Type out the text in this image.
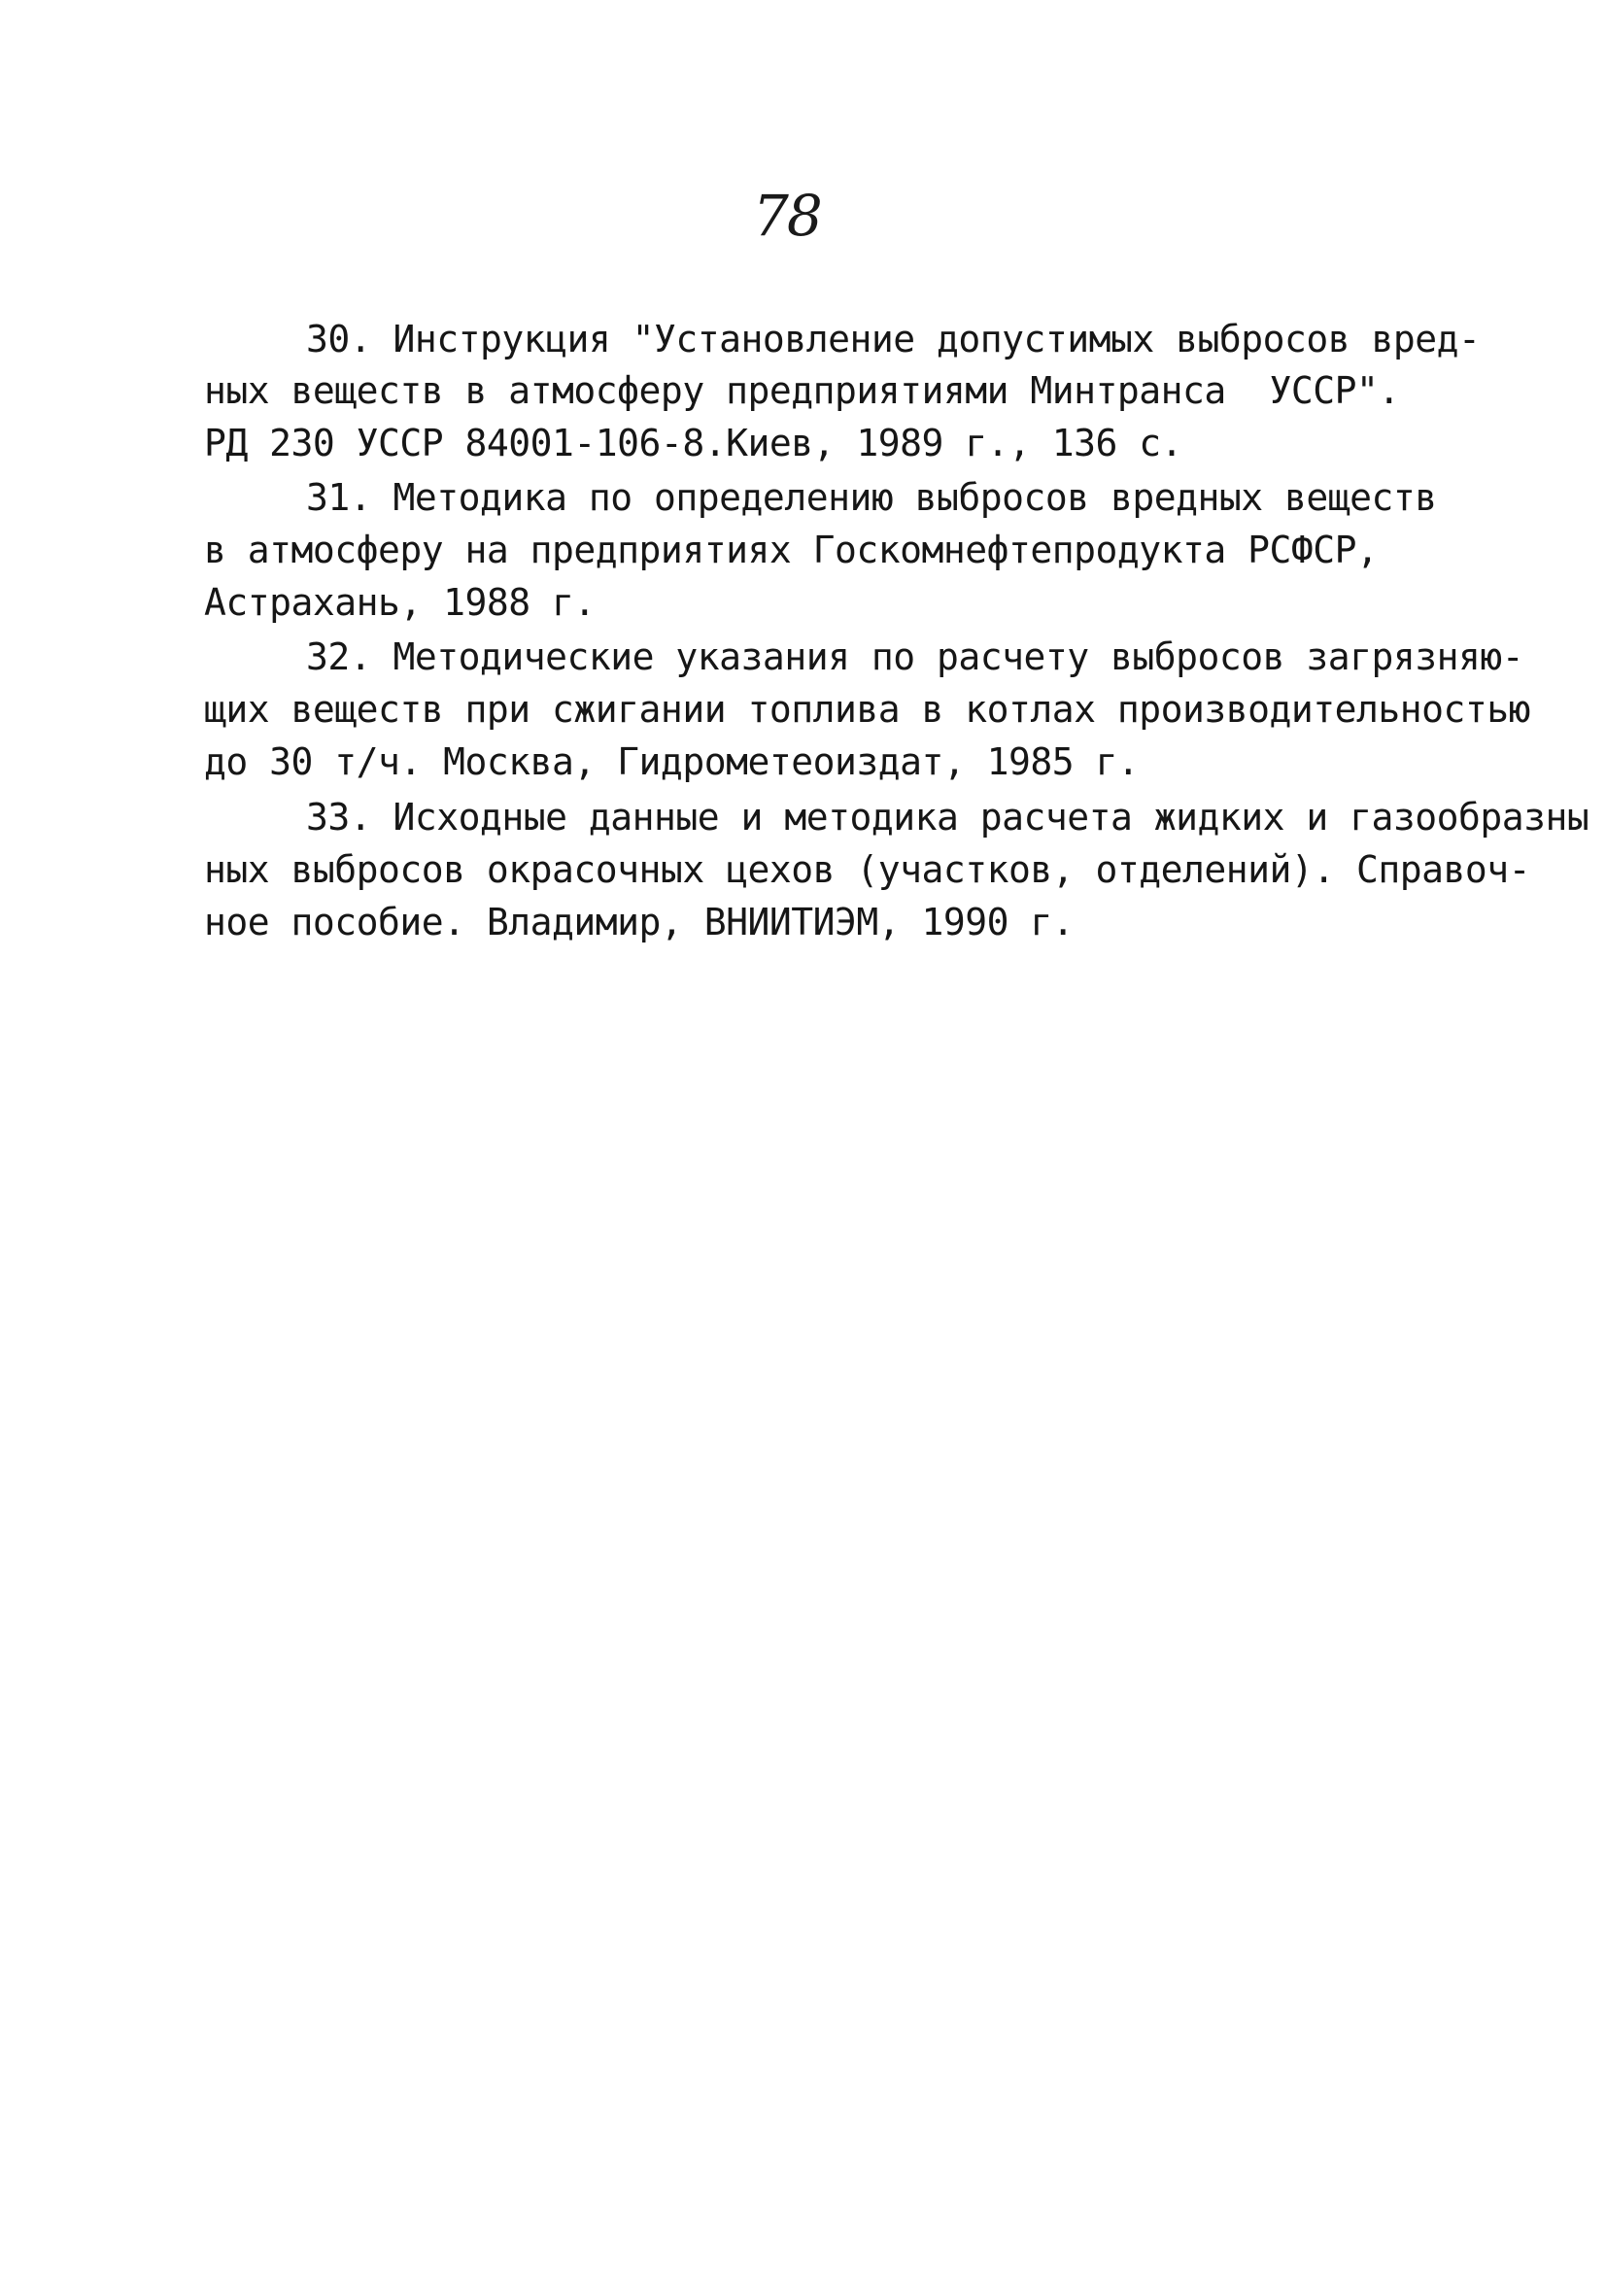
78
30. Инструкция "Установление допустимых выбросов вред-
ных веществ в атмосферу предприятиями Минтранса  УССР".
РД 230 УССР 84001-106-8.Киев, 1989 г., 136 с.
31. Методика по определению выбросов вредных веществ
в атмосферу на предприятиях Госкомнефтепродукта РСФСР,
Астрахань, 1988 г.
32. Методические указания по расчету выбросов загрязняю-
щих веществ при сжигании топлива в котлах производительностью
до 30 т/ч. Москва, Гидрометеоиздат, 1985 г.
33. Исходные данные и методика расчета жидких и газообразны
ных выбросов окрасочных цехов (участков, отделений). Справоч-
ное пособие. Владимир, ВНИИТИЭМ, 1990 г.
